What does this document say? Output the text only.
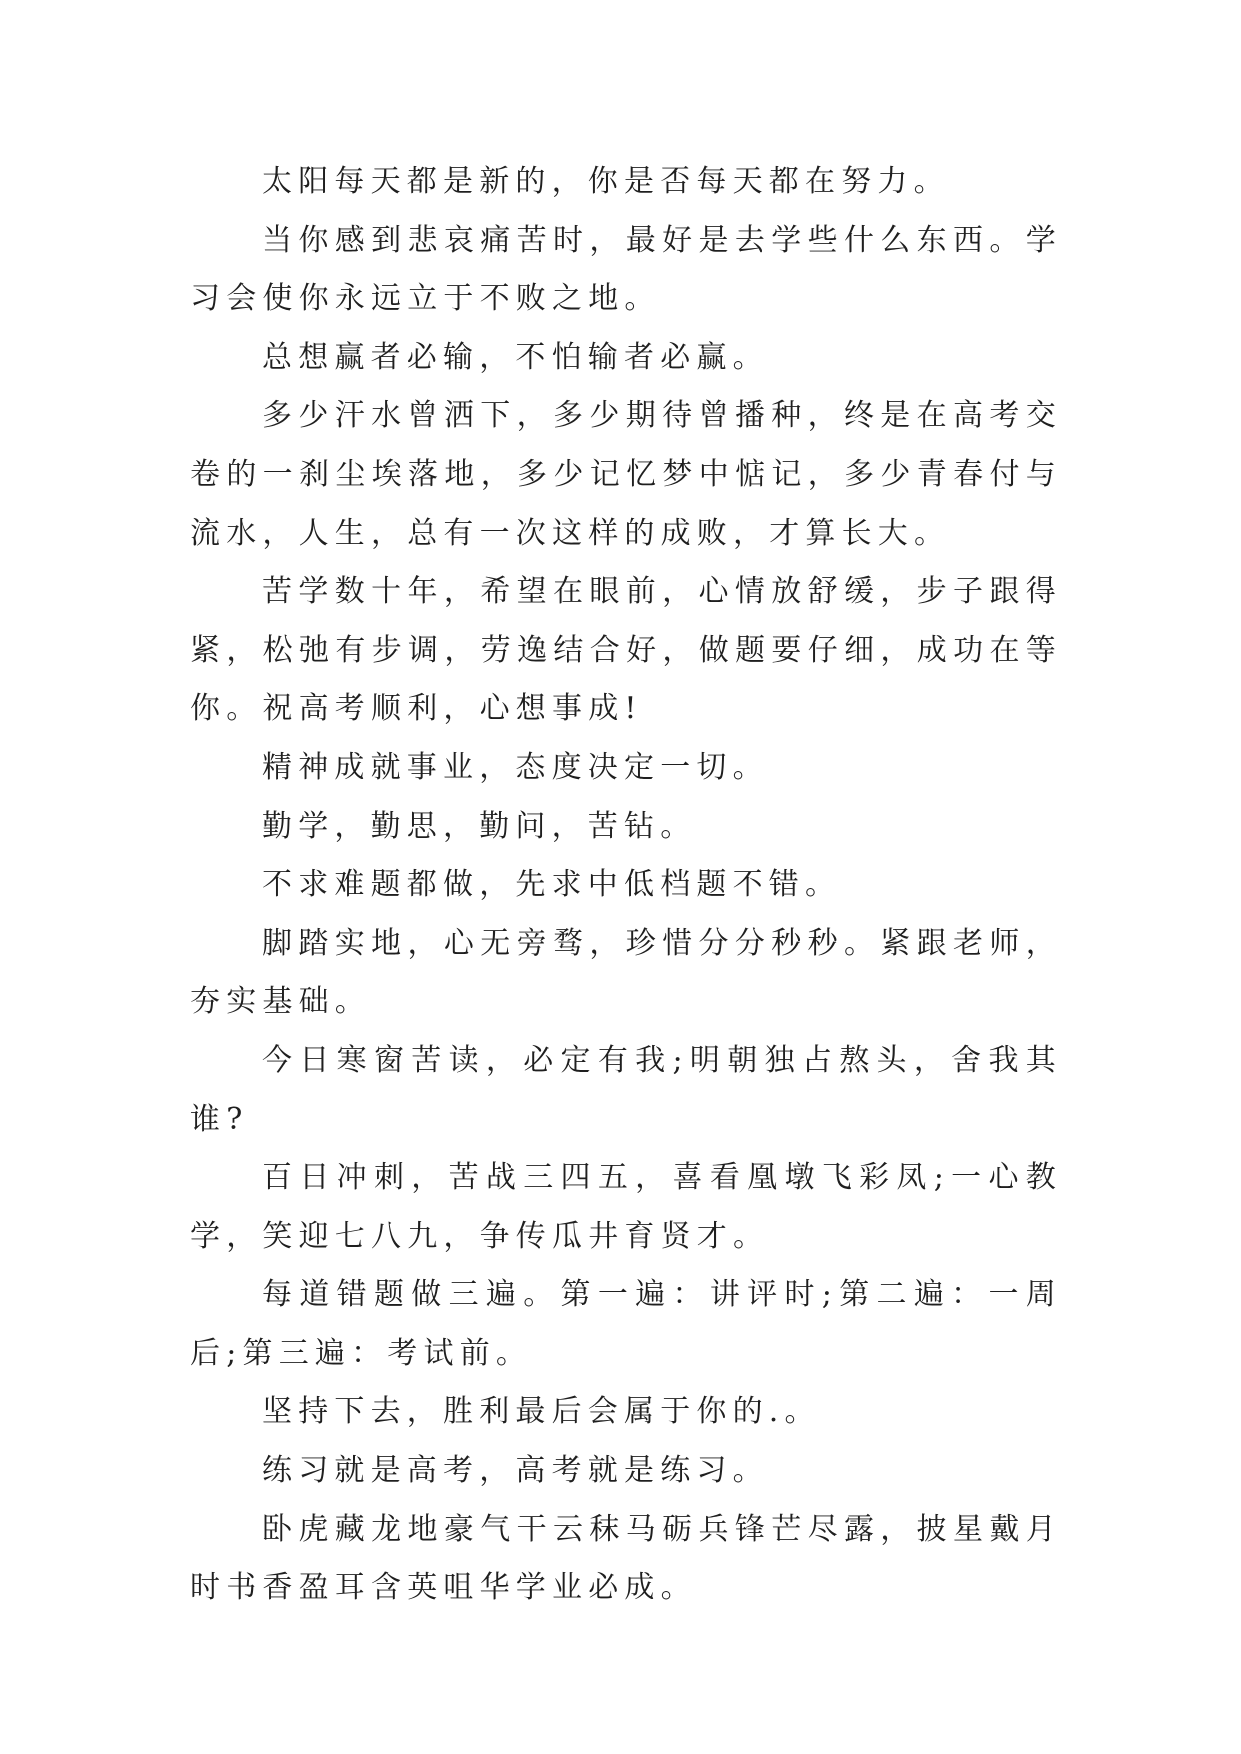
太阳每天都是新的，你是否每天都在努力。

当你感到悲哀痛苦时，最好是去学些什么东西。学习会使你永远立于不败之地。

总想赢者必输，不怕输者必赢。

多少汗水曾洒下，多少期待曾播种，终是在高考交卷的一刹尘埃落地，多少记忆梦中惦记，多少青春付与流水，人生，总有一次这样的成败，才算长大。

苦学数十年，希望在眼前，心情放舒缓，步子跟得紧，松弛有步调，劳逸结合好，做题要仔细，成功在等你。祝高考顺利，心想事成!

精神成就事业，态度决定一切。

勤学，勤思，勤问，苦钻。

不求难题都做，先求中低档题不错。

脚踏实地，心无旁骛，珍惜分分秒秒。紧跟老师，夯实基础。

今日寒窗苦读，必定有我;明朝独占熬头，舍我其谁?

百日冲刺，苦战三四五，喜看凰墩飞彩凤;一心教学，笑迎七八九，争传瓜井育贤才。

每道错题做三遍。第一遍：讲评时;第二遍：一周后;第三遍：考试前。

坚持下去，胜利最后会属于你的.。

练习就是高考，高考就是练习。

卧虎藏龙地豪气干云秣马砺兵锋芒尽露，披星戴月时书香盈耳含英咀华学业必成。
